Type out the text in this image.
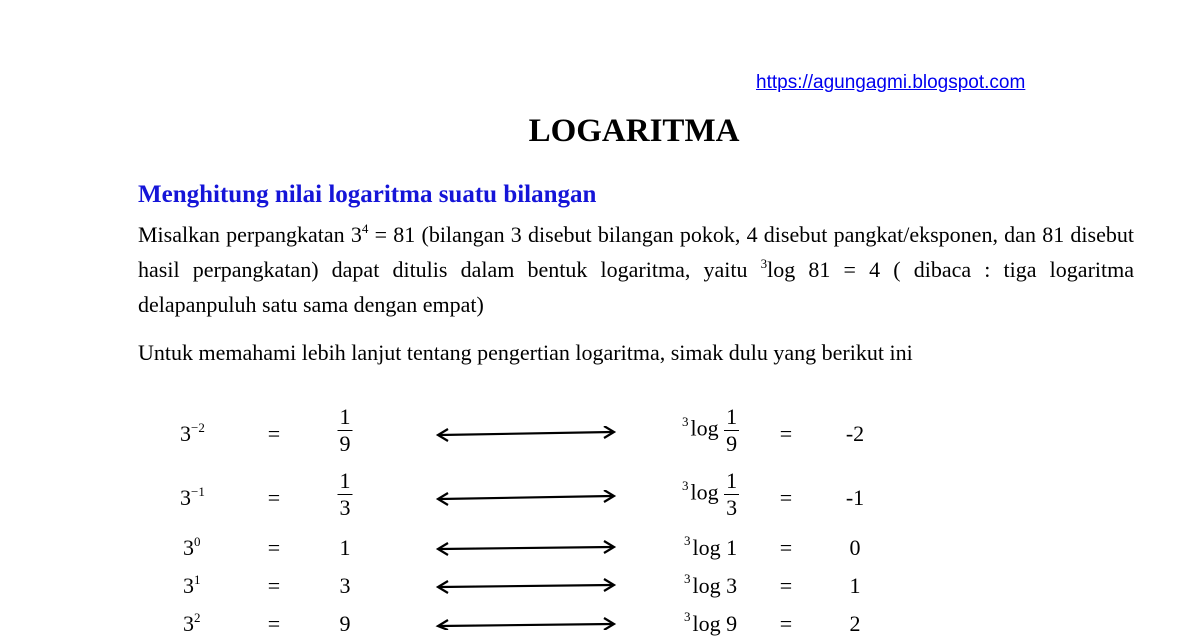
https://agungagmi.blogspot.com
LOGARITMA
Menghitung nilai logaritma suatu bilangan

Misalkan perpangkatan $3^4 = 81$ (bilangan 3 disebut bilangan pokok, 4 disebut pangkat/eksponen, dan 81 disebut hasil perpangkatan) dapat ditulis dalam bentuk logaritma, yaitu $^3$log 81 = 4 ( dibaca : tiga logaritma delapanpuluh satu sama dengan empat)

Untuk memahami lebih lanjut tentang pengertian logaritma, simak dulu yang berikut ini
$3^{-2}$	=	$\frac{1}{9}$	$^3\log \frac{1}{9} = -2$
$3^{-1}$	=	$\frac{1}{3}$	$^3\log \frac{1}{3} = -1$
$3^0$	=	1	$^3$log 1 =	0
$3^1$	=	3	$^3$log 3 =	1
$3^2$	=	9	$^3$log 9 =	2
